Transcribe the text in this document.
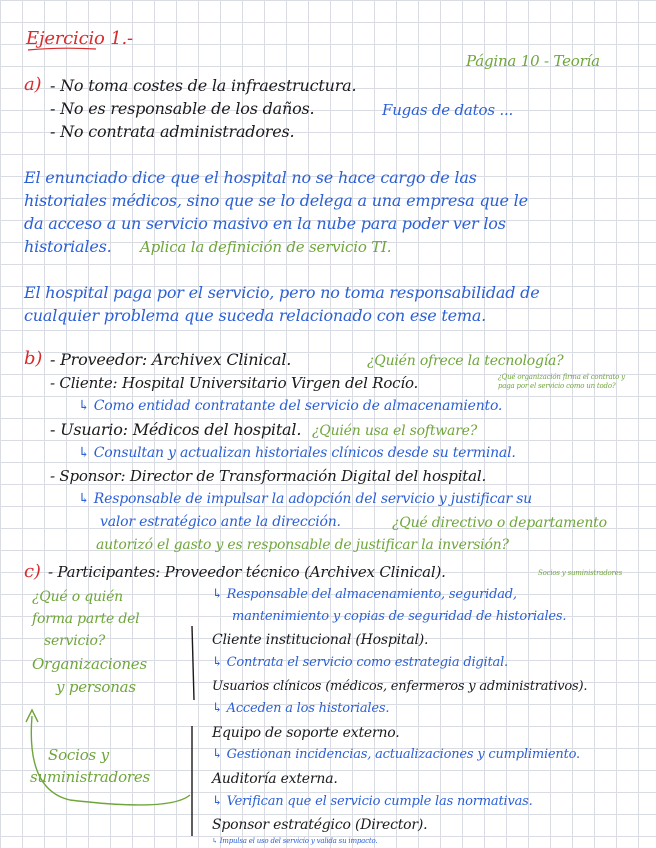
Ejercicio 1.-
Página 10 - Teoría
a) - No toma costes de la infraestructura.
- No es responsable de los daños.	Fugas de datos ...
- No contrata administradores.
El enunciado dice que el hospital no se hace cargo de las
historiales médicos, sino que se lo delega a una empresa que le
da acceso a un servicio masivo en la nube para poder ver los
historiales. Aplica la definición de servicio TI.
El hospital paga por el servicio, pero no toma responsabilidad de
cualquier problema que suceda relacionado con ese tema.
b) - Proveedor: Archivex Clinical.	¿Quién ofrece la tecnología?
- Cliente: Hospital Universitario Virgen del Rocío.	¿Qué organización firma el contrato y
paga por el servicio como un todo?
↳ Como entidad contratante del servicio de almacenamiento.
- Usuario: Médicos del hospital. ¿Quién usa el software?
↳ Consultan y actualizan historiales clínicos desde su terminal.
- Sponsor: Director de Transformación Digital del hospital.
↳ Responsable de impulsar la adopción del servicio y justificar su
valor estratégico ante la dirección.	¿Qué directivo o departamento
autorizó el gasto y es responsable de justificar la inversión?
c) - Participantes: Proveedor técnico (Archivex Clinical).	Socios y suministradores
¿Qué o quién
forma parte del
servicio?
Organizaciones
y personas
Socios y
suministradores
↳ Responsable del almacenamiento, seguridad,
mantenimiento y copias de seguridad de historiales.
Cliente institucional (Hospital).
↳ Contrata el servicio como estrategia digital.
Usuarios clínicos (médicos, enfermeros y administrativos).
↳ Acceden a los historiales.
Equipo de soporte externo.
↳ Gestionan incidencias, actualizaciones y cumplimiento.
Auditoría externa.
↳ Verifican que el servicio cumple las normativas.
Sponsor estratégico (Director).
↳ Impulsa el uso del servicio y valida su impacto.
